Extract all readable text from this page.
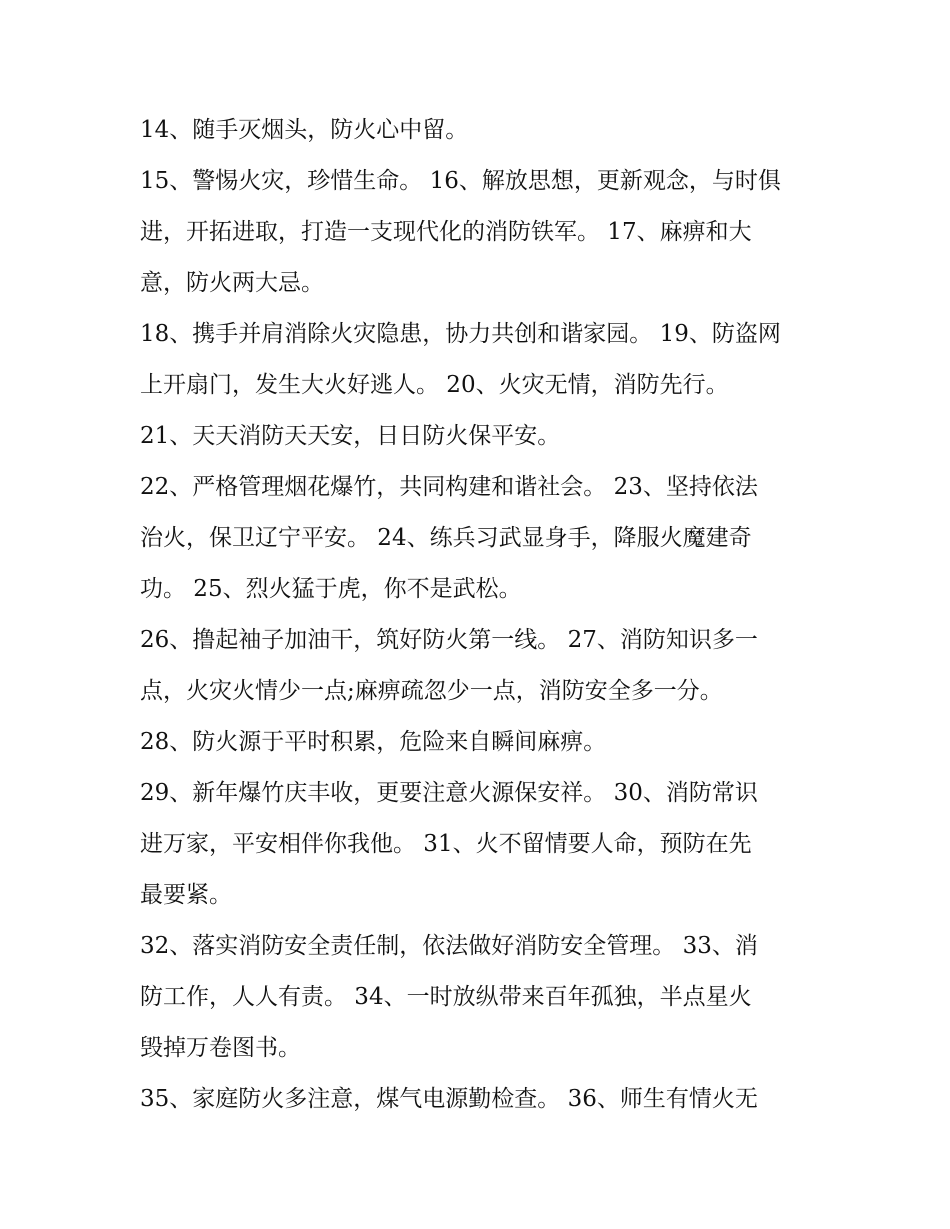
14、随手灭烟头，防火心中留。
15、警惕火灾，珍惜生命。 16、解放思想，更新观念，与时俱
进，开拓进取，打造一支现代化的消防铁军。 17、麻痹和大
意，防火两大忌。
18、携手并肩消除火灾隐患，协力共创和谐家园。 19、防盗网
上开扇门，发生大火好逃人。 20、火灾无情，消防先行。
21、天天消防天天安，日日防火保平安。
22、严格管理烟花爆竹，共同构建和谐社会。 23、坚持依法
治火，保卫辽宁平安。 24、练兵习武显身手，降服火魔建奇
功。 25、烈火猛于虎，你不是武松。
26、撸起袖子加油干，筑好防火第一线。 27、消防知识多一
点，火灾火情少一点;麻痹疏忽少一点，消防安全多一分。
28、防火源于平时积累，危险来自瞬间麻痹。
29、新年爆竹庆丰收，更要注意火源保安祥。 30、消防常识
进万家，平安相伴你我他。 31、火不留情要人命，预防在先
最要紧。
32、落实消防安全责任制，依法做好消防安全管理。 33、消
防工作，人人有责。 34、一时放纵带来百年孤独，半点星火
毁掉万卷图书。
35、家庭防火多注意，煤气电源勤检查。 36、师生有情火无
